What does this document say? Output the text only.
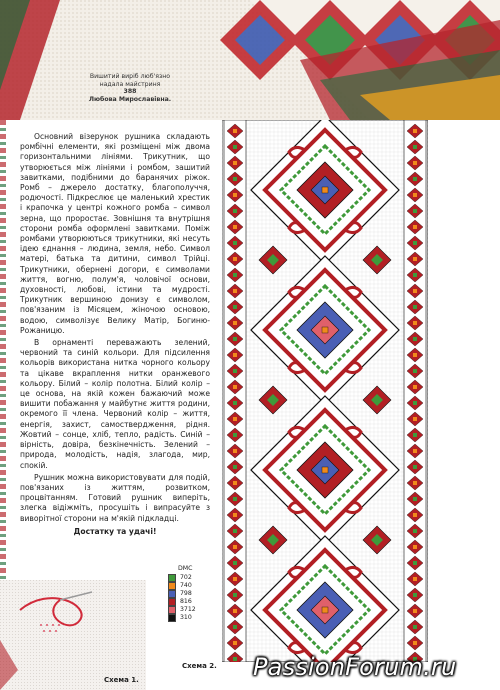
Вишитий виріб люб'язно
надала майстриня
388
Любова Мирославівна.

Основний візерунок рушника складають ромбічні елементи, які розміщені між двома горизонтальними лініями. Трикутник, що утворюється між лініями і ромбом, зашитий завитками, подібними до баранячих ріжок. Ромб – джерело достатку, благополуччя, родючості. Підкреслює це маленький хрестик і крапочка у центрі кожного ромба – символ зерна, що проростає. Зовнішня та внутрішня сторони ромба оформлені завитками. Поміж ромбами утворюються трикутники, які несуть ідею єднання – людина, земля, небо. Символ матері, батька та дитини, символ Трійці. Трикутники, обернені догори, є символами життя, вогню, полум'я, чоловічої основи, духовності, любові, істини та мудрості. Трикутник вершиною донизу є символом, пов'язаним із Місяцем, жіночою основою, водою, символізує Велику Матір, Богиню-Рожаницю.

В орнаменті переважають зелений, червоний та синій кольори. Для підсилення кольорів використана нитка чорного кольору та цікаве вкраплення нитки оранжевого кольору. Білий – колір полотна. Білий колір – це основа, на якій кожен бажаючий може вишити побажання у майбутнє життя родини, окремого її члена. Червоний колір – життя, енергія, захист, самоствердження, рідня. Жовтий – сонце, хліб, тепло, радість. Синій – вірність, довіра, безкінечність. Зелений – природа, молодість, надія, злагода, мир, спокій.

Рушник можна використовувати для подій, пов'язаних із життям, розвитком, процвітанням. Готовий рушник виперіть, злегка відіжміть, просушіть і випрасуйте з виворітної сторони на м'якій підкладці.

Достатку та удачі!

DMC
702
740
798
816
3712
310
Схема 1.
Схема 2. PassionForum.ru
